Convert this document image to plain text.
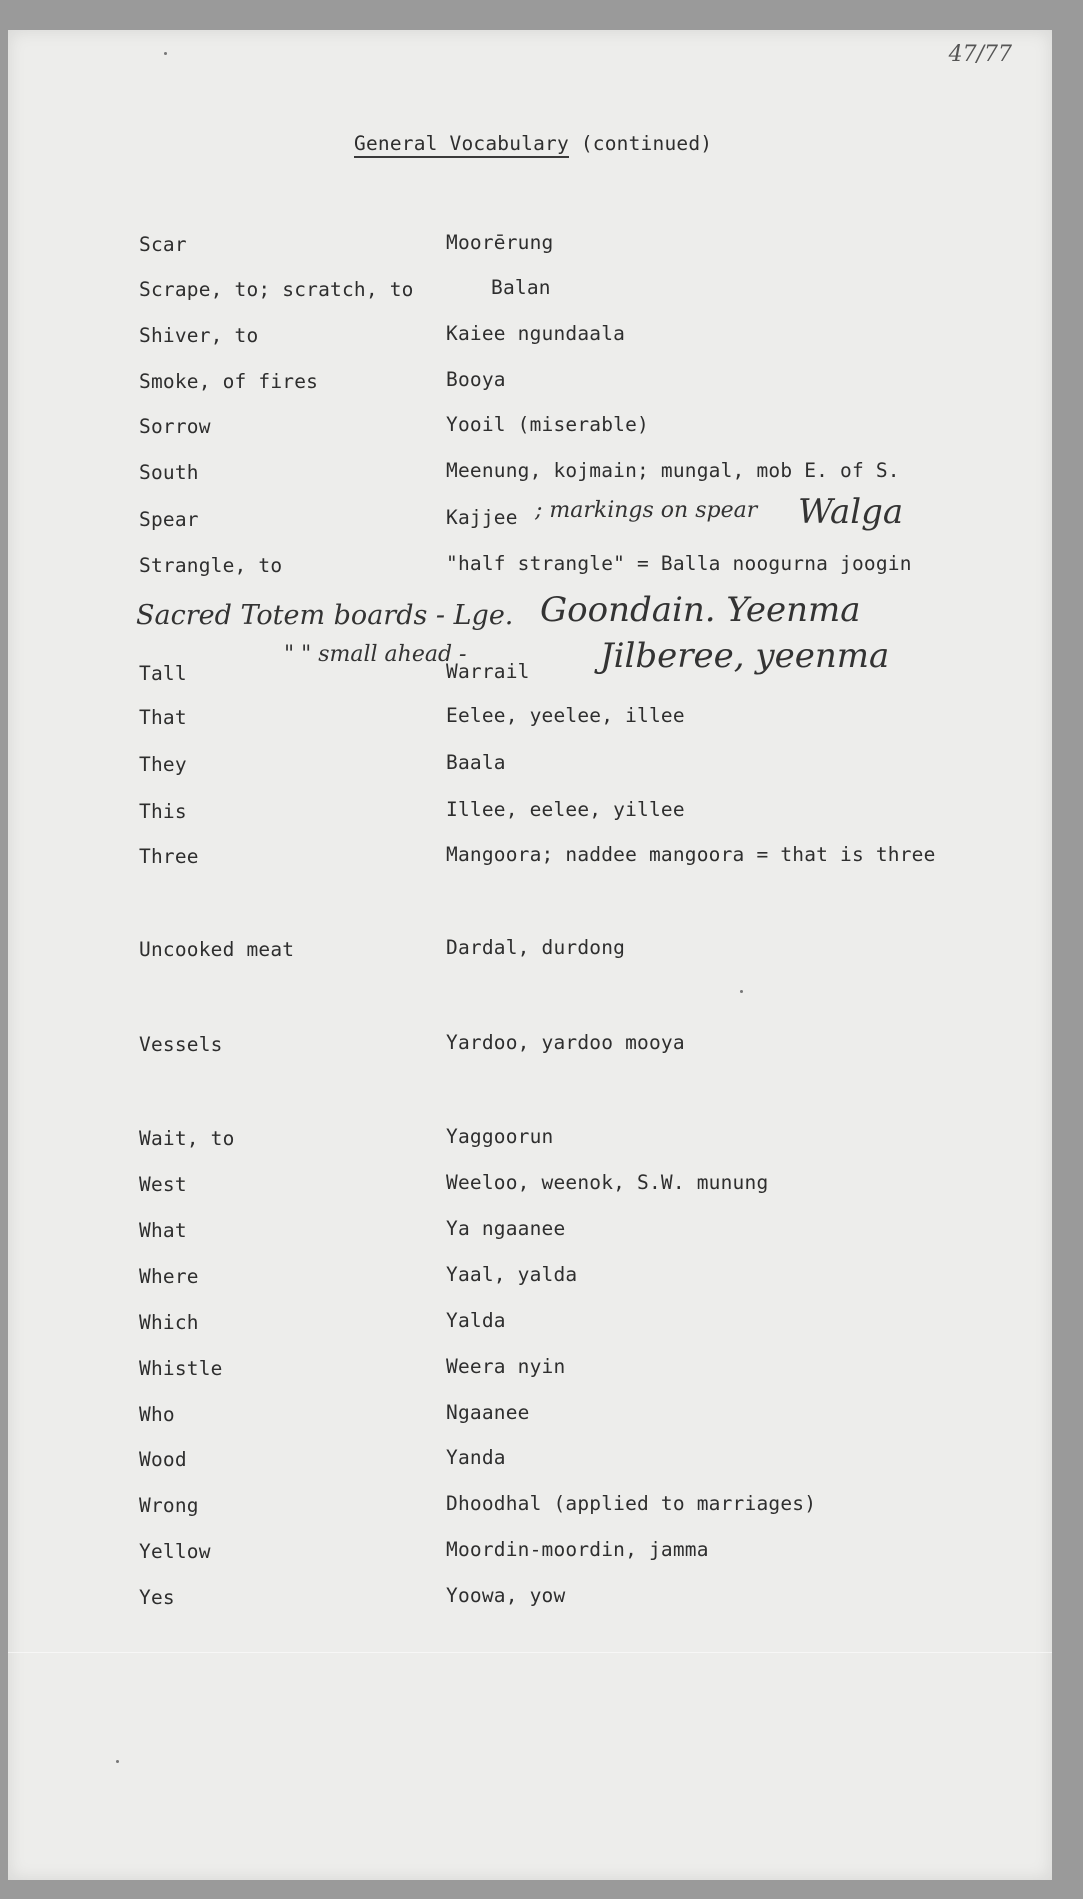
47/77
General Vocabulary (continued)
Scar	Moorērung
Scrape, to; scratch, to	Balan
Shiver, to	Kaiee ngundaala
Smoke, of fires	Booya
Sorrow	Yooil (miserable)
South	Meenung, kojmain; mungal, mob E. of S.
Spear	Kajjee ; markings on spear Walga
Strangle, to	"half strangle" = Balla noogurna joogin
Sacred Totem boards - Lge. Goondain. Yeenma
" " small ahead -	Jilberee, yeenma
Tall	Warrail
That	Eelee, yeelee, illee
They	Baala
This	Illee, eelee, yillee
Three	Mangoora; naddee mangoora = that is three
Uncooked meat	Dardal, durdong
Vessels	Yardoo, yardoo mooya
Wait, to	Yaggoorun
West	Weeloo, weenok, S.W. munung
What	Ya ngaanee
Where	Yaal, yalda
Which	Yalda
Whistle	Weera nyin
Who	Ngaanee
Wood	Yanda
Wrong	Dhoodhal (applied to marriages)
Yellow	Moordin-moordin, jamma
Yes	Yoowa, yow
